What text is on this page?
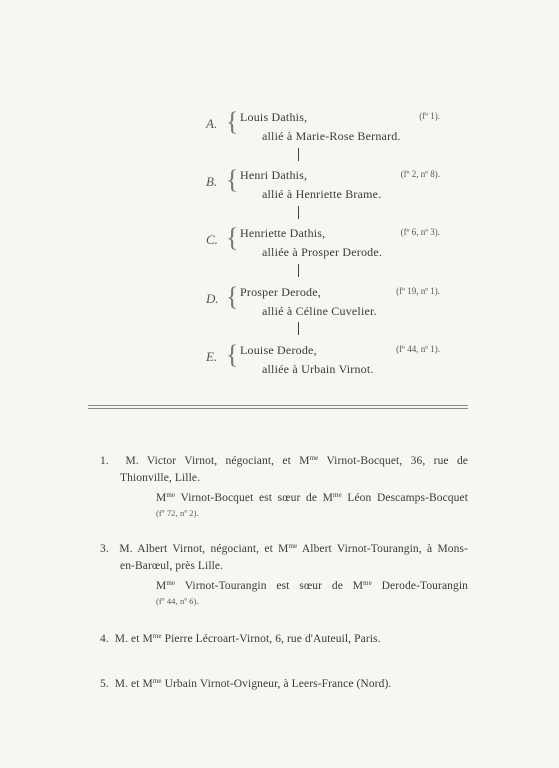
A. { Louis Dathis,	(fº 1).
allié à Marie-Rose Bernard.
B. { Henri Dathis,	(fº 2, nº 8).
allié à Henriette Brame.
C. { Henriette Dathis,	(fº 6, nº 3).
alliée à Prosper Derode.
D. { Prosper Derode,	(fº 19, nº 1).
allié à Céline Cuvelier.
E. { Louise Derode,	(fº 44, nº 1).
alliée à Urbain Virnot.
1. M. Victor Virnot, négociant, et $M^{me}$ Virnot-Bocquet, 36, rue de
Thionville, Lille.
$M^{me}$ Virnot-Bocquet est sœur de $M^{me}$ Léon Descamps-Bocquet
(fº 72, nº 2).
3. M. Albert Virnot, négociant, et $M^{me}$ Albert Virnot-Tourangin, à Mons-
en-Barœul, près Lille.
$M^{me}$ Virnot-Tourangin est sœur de $M^{me}$ Derode-Tourangin
(fº 44, nº 6).
4. M. et $M^{me}$ Pierre Lécroart-Virnot, 6, rue d'Auteuil, Paris.
5. M. et $M^{me}$ Urbain Virnot-Ovigneur, à Leers-France (Nord).
